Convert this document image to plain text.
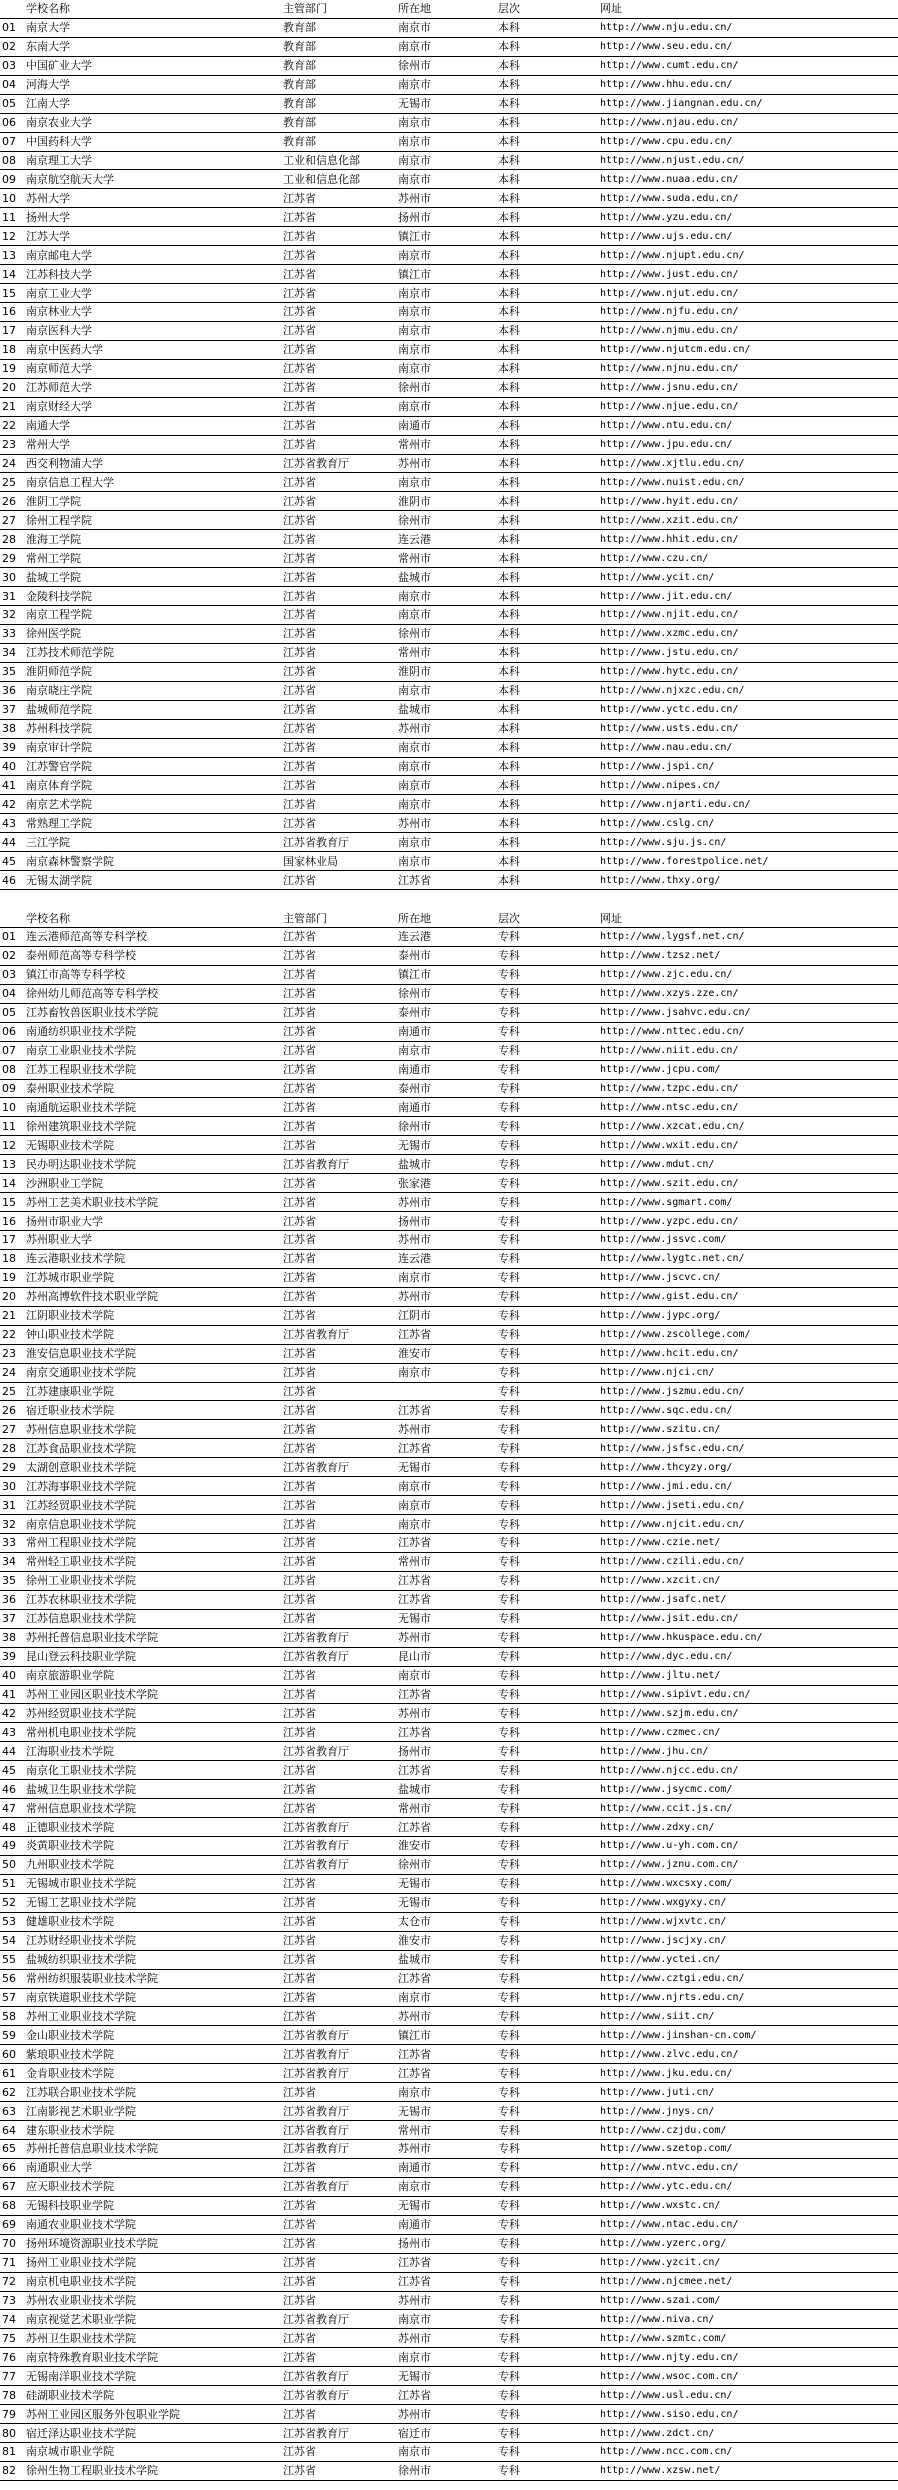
	学校名称	主管部门	所在地	层次	网址
01	南京大学	教育部	南京市	本科	http://www.nju.edu.cn/
02	东南大学	教育部	南京市	本科	http://www.seu.edu.cn/
03	中国矿业大学	教育部	徐州市	本科	http://www.cumt.edu.cn/
04	河海大学	教育部	南京市	本科	http://www.hhu.edu.cn/
05	江南大学	教育部	无锡市	本科	http://www.jiangnan.edu.cn/
06	南京农业大学	教育部	南京市	本科	http://www.njau.edu.cn/
07	中国药科大学	教育部	南京市	本科	http://www.cpu.edu.cn/
08	南京理工大学	工业和信息化部	南京市	本科	http://www.njust.edu.cn/
09	南京航空航天大学	工业和信息化部	南京市	本科	http://www.nuaa.edu.cn/
10	苏州大学	江苏省	苏州市	本科	http://www.suda.edu.cn/
11	扬州大学	江苏省	扬州市	本科	http://www.yzu.edu.cn/
12	江苏大学	江苏省	镇江市	本科	http://www.ujs.edu.cn/
13	南京邮电大学	江苏省	南京市	本科	http://www.njupt.edu.cn/
14	江苏科技大学	江苏省	镇江市	本科	http://www.just.edu.cn/
15	南京工业大学	江苏省	南京市	本科	http://www.njut.edu.cn/
16	南京林业大学	江苏省	南京市	本科	http://www.njfu.edu.cn/
17	南京医科大学	江苏省	南京市	本科	http://www.njmu.edu.cn/
18	南京中医药大学	江苏省	南京市	本科	http://www.njutcm.edu.cn/
19	南京师范大学	江苏省	南京市	本科	http://www.njnu.edu.cn/
20	江苏师范大学	江苏省	徐州市	本科	http://www.jsnu.edu.cn/
21	南京财经大学	江苏省	南京市	本科	http://www.njue.edu.cn/
22	南通大学	江苏省	南通市	本科	http://www.ntu.edu.cn/
23	常州大学	江苏省	常州市	本科	http://www.jpu.edu.cn/
24	西交利物浦大学	江苏省教育厅	苏州市	本科	http://www.xjtlu.edu.cn/
25	南京信息工程大学	江苏省	南京市	本科	http://www.nuist.edu.cn/
26	淮阴工学院	江苏省	淮阴市	本科	http://www.hyit.edu.cn/
27	徐州工程学院	江苏省	徐州市	本科	http://www.xzit.edu.cn/
28	淮海工学院	江苏省	连云港	本科	http://www.hhit.edu.cn/
29	常州工学院	江苏省	常州市	本科	http://www.czu.cn/
30	盐城工学院	江苏省	盐城市	本科	http://www.ycit.cn/
31	金陵科技学院	江苏省	南京市	本科	http://www.jit.edu.cn/
32	南京工程学院	江苏省	南京市	本科	http://www.njit.edu.cn/
33	徐州医学院	江苏省	徐州市	本科	http://www.xzmc.edu.cn/
34	江苏技术师范学院	江苏省	常州市	本科	http://www.jstu.edu.cn/
35	淮阴师范学院	江苏省	淮阴市	本科	http://www.hytc.edu.cn/
36	南京晓庄学院	江苏省	南京市	本科	http://www.njxzc.edu.cn/
37	盐城师范学院	江苏省	盐城市	本科	http://www.yctc.edu.cn/
38	苏州科技学院	江苏省	苏州市	本科	http://www.usts.edu.cn/
39	南京审计学院	江苏省	南京市	本科	http://www.nau.edu.cn/
40	江苏警官学院	江苏省	南京市	本科	http://www.jspi.cn/
41	南京体育学院	江苏省	南京市	本科	http://www.nipes.cn/
42	南京艺术学院	江苏省	南京市	本科	http://www.njarti.edu.cn/
43	常熟理工学院	江苏省	苏州市	本科	http://www.cslg.cn/
44	三江学院	江苏省教育厅	南京市	本科	http://www.sju.js.cn/
45	南京森林警察学院	国家林业局	南京市	本科	http://www.forestpolice.net/
46	无锡太湖学院	江苏省	江苏省	本科	http://www.thxy.org/
	学校名称	主管部门	所在地	层次	网址
01	连云港师范高等专科学校	江苏省	连云港	专科	http://www.lygsf.net.cn/
02	泰州师范高等专科学校	江苏省	泰州市	专科	http://www.tzsz.net/
03	镇江市高等专科学校	江苏省	镇江市	专科	http://www.zjc.edu.cn/
04	徐州幼儿师范高等专科学校	江苏省	徐州市	专科	http://www.xzys.zze.cn/
05	江苏畜牧兽医职业技术学院	江苏省	泰州市	专科	http://www.jsahvc.edu.cn/
06	南通纺织职业技术学院	江苏省	南通市	专科	http://www.nttec.edu.cn/
07	南京工业职业技术学院	江苏省	南京市	专科	http://www.niit.edu.cn/
08	江苏工程职业技术学院	江苏省	南通市	专科	http://www.jcpu.com/
09	泰州职业技术学院	江苏省	泰州市	专科	http://www.tzpc.edu.cn/
10	南通航运职业技术学院	江苏省	南通市	专科	http://www.ntsc.edu.cn/
11	徐州建筑职业技术学院	江苏省	徐州市	专科	http://www.xzcat.edu.cn/
12	无锡职业技术学院	江苏省	无锡市	专科	http://www.wxit.edu.cn/
13	民办明达职业技术学院	江苏省教育厅	盐城市	专科	http://www.mdut.cn/
14	沙洲职业工学院	江苏省	张家港	专科	http://www.szit.edu.cn/
15	苏州工艺美术职业技术学院	江苏省	苏州市	专科	http://www.sgmart.com/
16	扬州市职业大学	江苏省	扬州市	专科	http://www.yzpc.edu.cn/
17	苏州职业大学	江苏省	苏州市	专科	http://www.jssvc.com/
18	连云港职业技术学院	江苏省	连云港	专科	http://www.lygtc.net.cn/
19	江苏城市职业学院	江苏省	南京市	专科	http://www.jscvc.cn/
20	苏州高博软件技术职业学院	江苏省	苏州市	专科	http://www.gist.edu.cn/
21	江阴职业技术学院	江苏省	江阴市	专科	http://www.jypc.org/
22	钟山职业技术学院	江苏省教育厅	江苏省	专科	http://www.zscollege.com/
23	淮安信息职业技术学院	江苏省	淮安市	专科	http://www.hcit.edu.cn/
24	南京交通职业技术学院	江苏省	南京市	专科	http://www.njci.cn/
25	江苏建康职业学院	江苏省		专科	http://www.jszmu.edu.cn/
26	宿迁职业技术学院	江苏省	江苏省	专科	http://www.sqc.edu.cn/
27	苏州信息职业技术学院	江苏省	苏州市	专科	http://www.szitu.cn/
28	江苏食品职业技术学院	江苏省	江苏省	专科	http://www.jsfsc.edu.cn/
29	太湖创意职业技术学院	江苏省教育厅	无锡市	专科	http://www.thcyzy.org/
30	江苏海事职业技术学院	江苏省	南京市	专科	http://www.jmi.edu.cn/
31	江苏经贸职业技术学院	江苏省	南京市	专科	http://www.jseti.edu.cn/
32	南京信息职业技术学院	江苏省	南京市	专科	http://www.njcit.edu.cn/
33	常州工程职业技术学院	江苏省	江苏省	专科	http://www.czie.net/
34	常州轻工职业技术学院	江苏省	常州市	专科	http://www.czili.edu.cn/
35	徐州工业职业技术学院	江苏省	江苏省	专科	http://www.xzcit.cn/
36	江苏农林职业技术学院	江苏省	江苏省	专科	http://www.jsafc.net/
37	江苏信息职业技术学院	江苏省	无锡市	专科	http://www.jsit.edu.cn/
38	苏州托普信息职业技术学院	江苏省教育厅	苏州市	专科	http://www.hkuspace.edu.cn/
39	昆山登云科技职业学院	江苏省教育厅	昆山市	专科	http://www.dyc.edu.cn/
40	南京旅游职业学院	江苏省	南京市	专科	http://www.jltu.net/
41	苏州工业园区职业技术学院	江苏省	江苏省	专科	http://www.sipivt.edu.cn/
42	苏州经贸职业技术学院	江苏省	苏州市	专科	http://www.szjm.edu.cn/
43	常州机电职业技术学院	江苏省	江苏省	专科	http://www.czmec.cn/
44	江海职业技术学院	江苏省教育厅	扬州市	专科	http://www.jhu.cn/
45	南京化工职业技术学院	江苏省	江苏省	专科	http://www.njcc.edu.cn/
46	盐城卫生职业技术学院	江苏省	盐城市	专科	http://www.jsycmc.com/
47	常州信息职业技术学院	江苏省	常州市	专科	http://www.ccit.js.cn/
48	正德职业技术学院	江苏省教育厅	江苏省	专科	http://www.zdxy.cn/
49	炎黄职业技术学院	江苏省教育厅	淮安市	专科	http://www.u-yh.com.cn/
50	九州职业技术学院	江苏省教育厅	徐州市	专科	http://www.jznu.com.cn/
51	无锡城市职业技术学院	江苏省	无锡市	专科	http://www.wxcsxy.com/
52	无锡工艺职业技术学院	江苏省	无锡市	专科	http://www.wxgyxy.cn/
53	健雄职业技术学院	江苏省	太仓市	专科	http://www.wjxvtc.cn/
54	江苏财经职业技术学院	江苏省	淮安市	专科	http://www.jscjxy.cn/
55	盐城纺织职业技术学院	江苏省	盐城市	专科	http://www.yctei.cn/
56	常州纺织服装职业技术学院	江苏省	江苏省	专科	http://www.cztgi.edu.cn/
57	南京铁道职业技术学院	江苏省	南京市	专科	http://www.njrts.edu.cn/
58	苏州工业职业技术学院	江苏省	苏州市	专科	http://www.siit.cn/
59	金山职业技术学院	江苏省教育厅	镇江市	专科	http://www.jinshan-cn.com/
60	紫琅职业技术学院	江苏省教育厅	江苏省	专科	http://www.zlvc.edu.cn/
61	金肯职业技术学院	江苏省教育厅	江苏省	专科	http://www.jku.edu.cn/
62	江苏联合职业技术学院	江苏省	南京市	专科	http://www.juti.cn/
63	江南影视艺术职业学院	江苏省教育厅	无锡市	专科	http://www.jnys.cn/
64	建东职业技术学院	江苏省教育厅	常州市	专科	http://www.czjdu.com/
65	苏州托普信息职业技术学院	江苏省教育厅	苏州市	专科	http://www.szetop.com/
66	南通职业大学	江苏省	南通市	专科	http://www.ntvc.edu.cn/
67	应天职业技术学院	江苏省教育厅	南京市	专科	http://www.ytc.edu.cn/
68	无锡科技职业学院	江苏省	无锡市	专科	http://www.wxstc.cn/
69	南通农业职业技术学院	江苏省	南通市	专科	http://www.ntac.edu.cn/
70	扬州环境资源职业技术学院	江苏省	扬州市	专科	http://www.yzerc.org/
71	扬州工业职业技术学院	江苏省	江苏省	专科	http://www.yzcit.cn/
72	南京机电职业技术学院	江苏省	江苏省	专科	http://www.njcmee.net/
73	苏州农业职业技术学院	江苏省	苏州市	专科	http://www.szai.com/
74	南京视觉艺术职业学院	江苏省教育厅	南京市	专科	http://www.niva.cn/
75	苏州卫生职业技术学院	江苏省	苏州市	专科	http://www.szmtc.com/
76	南京特殊教育职业技术学院	江苏省	南京市	专科	http://www.njty.edu.cn/
77	无锡南洋职业技术学院	江苏省教育厅	无锡市	专科	http://www.wsoc.com.cn/
78	硅湖职业技术学院	江苏省教育厅	江苏省	专科	http://www.usl.edu.cn/
79	苏州工业园区服务外包职业学院	江苏省	苏州市	专科	http://www.siso.edu.cn/
80	宿迁泽达职业技术学院	江苏省教育厅	宿迁市	专科	http://www.zdct.cn/
81	南京城市职业学院	江苏省	南京市	专科	http://www.ncc.com.cn/
82	徐州生物工程职业技术学院	江苏省	徐州市	专科	http://www.xzsw.net/
